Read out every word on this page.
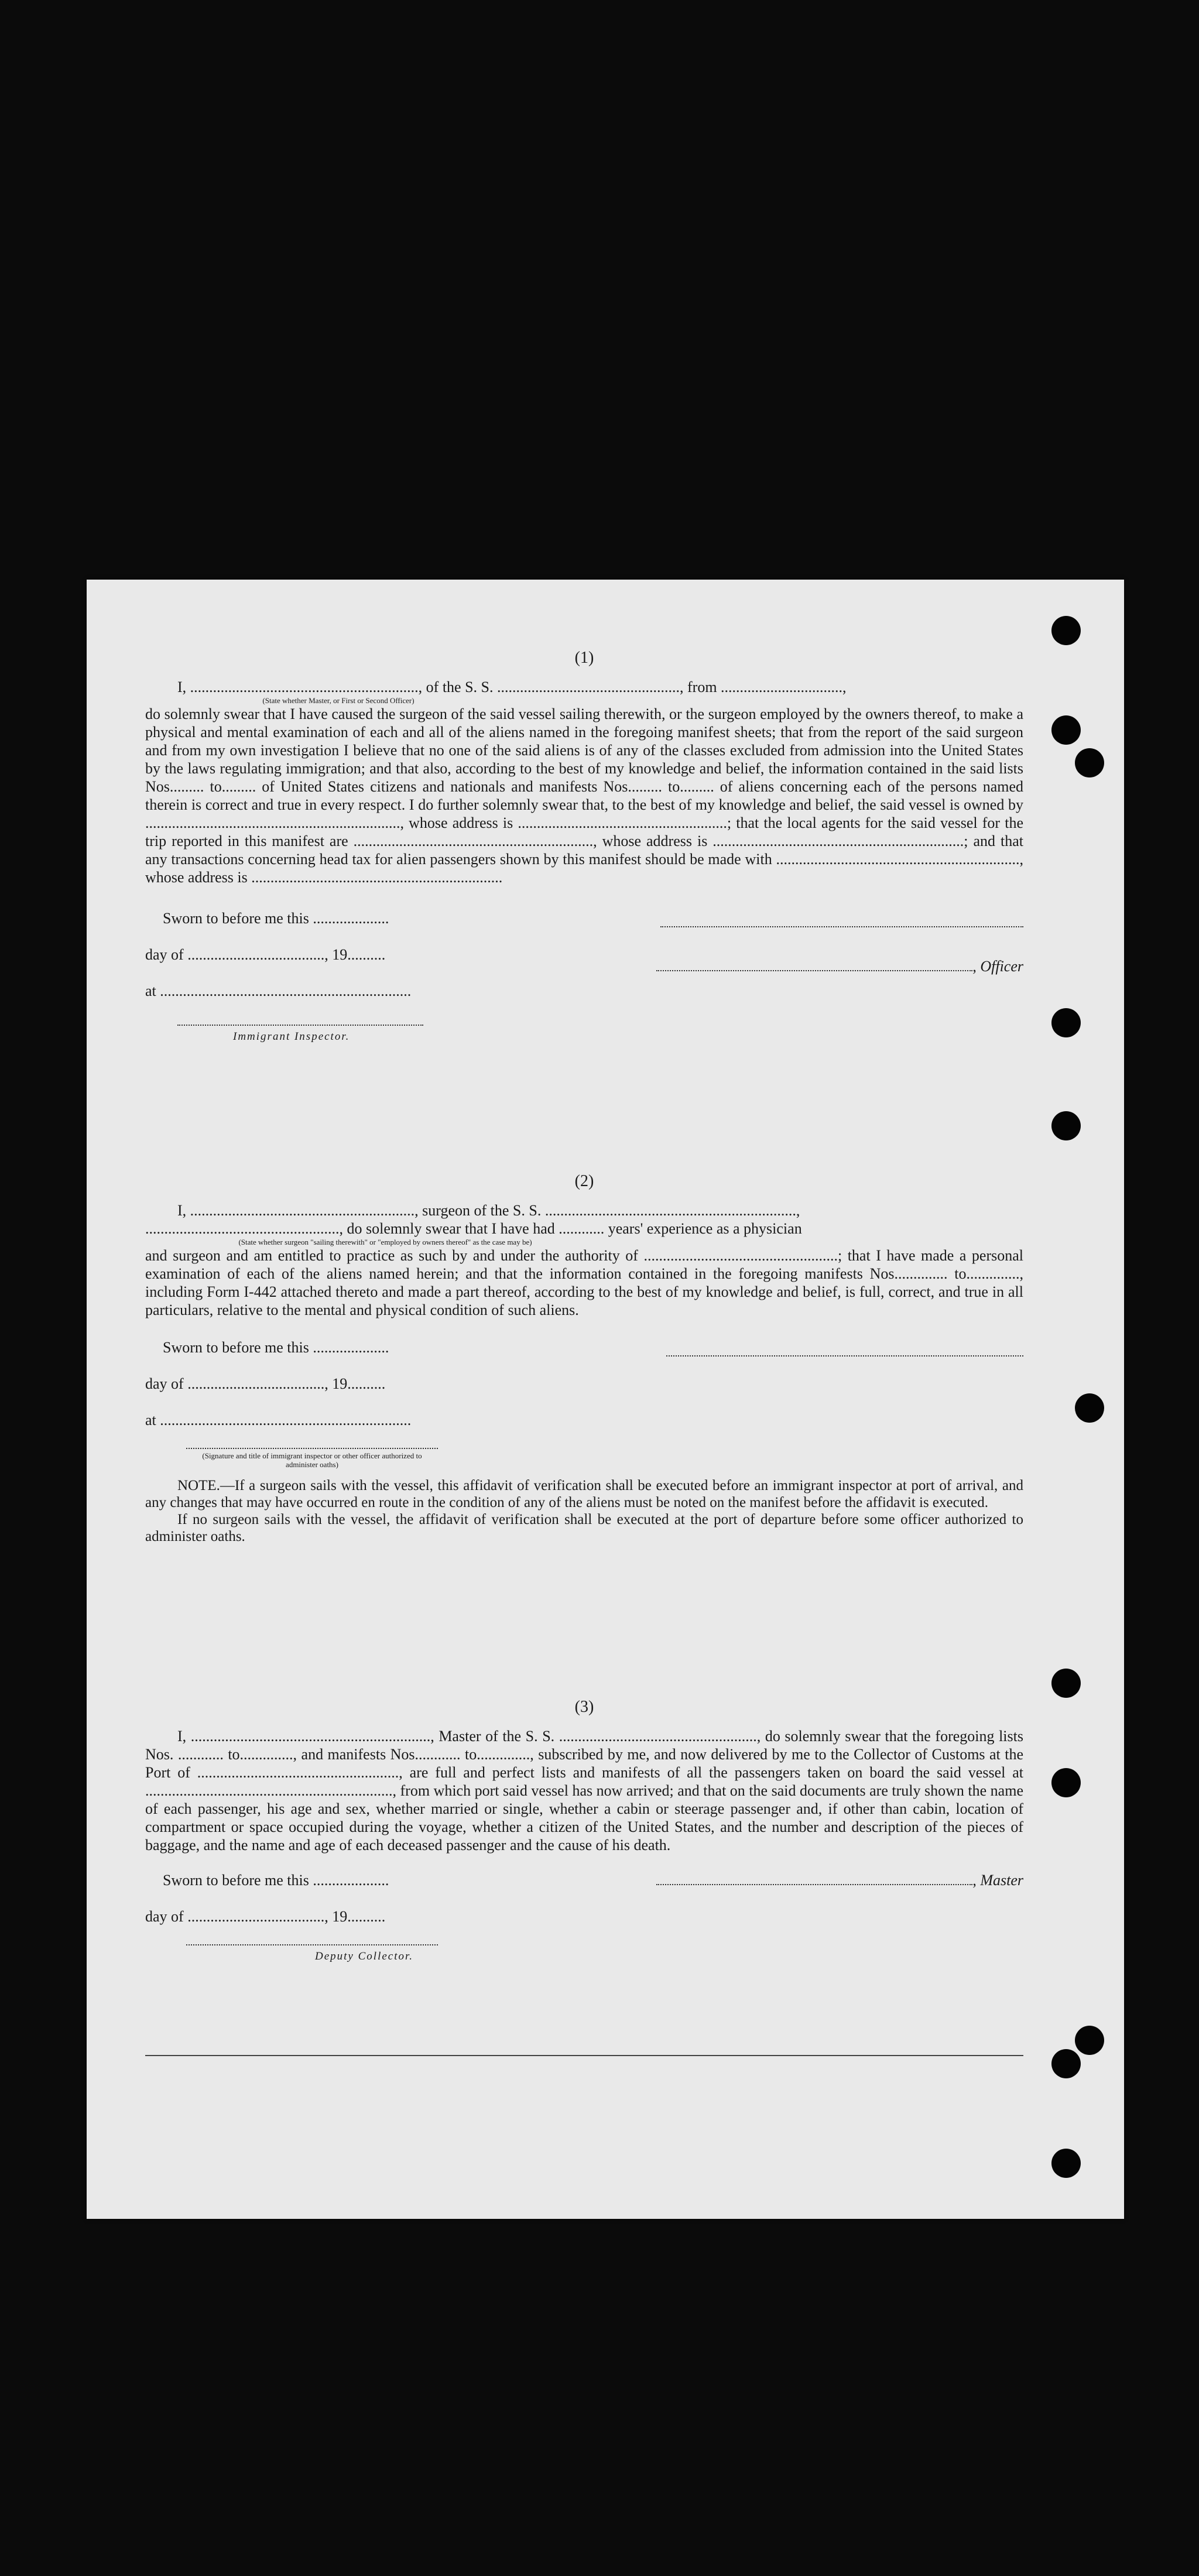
(1)
I, ............................................................, of the S. S. ................................................, from ................................,
(State whether Master, or First or Second Officer)
do solemnly swear that I have caused the surgeon of the said vessel sailing therewith, or the surgeon employed by the owners thereof, to make a physical and mental examination of each and all of the aliens named in the foregoing manifest sheets; that from the report of the said surgeon and from my own investigation I believe that no one of the said aliens is of any of the classes excluded from admission into the United States by the laws regulating immigration; and that also, according to the best of my knowledge and belief, the information contained in the said lists Nos......... to......... of United States citizens and nationals and manifests Nos......... to......... of aliens concerning each of the persons named therein is correct and true in every respect. I do further solemnly swear that, to the best of my knowledge and belief, the said vessel is owned by ..................................................................., whose address is .......................................................; that the local agents for the said vessel for the trip reported in this manifest are ..............................................................., whose address is ..................................................................; and that any transactions concerning head tax for alien passengers shown by this manifest should be made with ................................................................, whose address is ..................................................................
Sworn to before me this ....................
day of ...................................., 19..........
, Officer
at ..................................................................
Immigrant Inspector.
(2)
I, ..........................................................., surgeon of the S. S. ..................................................................,
..................................................., do solemnly swear that I have had ............ years' experience as a physician
(State whether surgeon "sailing therewith" or "employed by owners thereof" as the case may be)
and surgeon and am entitled to practice as such by and under the authority of ...................................................; that I have made a personal examination of each of the aliens named herein; and that the information contained in the foregoing manifests Nos.............. to.............., including Form I-442 attached thereto and made a part thereof, according to the best of my knowledge and belief, is full, correct, and true in all particulars, relative to the mental and physical condition of such aliens.
Sworn to before me this ....................
day of ...................................., 19..........
at ..................................................................
(Signature and title of immigrant inspector or other officer authorized to administer oaths)
NOTE.—If a surgeon sails with the vessel, this affidavit of verification shall be executed before an immigrant inspector at port of arrival, and any changes that may have occurred en route in the condition of any of the aliens must be noted on the manifest before the affidavit is executed.
If no surgeon sails with the vessel, the affidavit of verification shall be executed at the port of departure before some officer authorized to administer oaths.
(3)
I, ..............................................................., Master of the S. S. ...................................................., do solemnly swear that the foregoing lists Nos. ............ to.............., and manifests Nos............ to.............., subscribed by me, and now delivered by me to the Collector of Customs at the Port of ....................................................., are full and perfect lists and manifests of all the passengers taken on board the said vessel at ................................................................., from which port said vessel has now arrived; and that on the said documents are truly shown the name of each passenger, his age and sex, whether married or single, whether a cabin or steerage passenger and, if other than cabin, location of compartment or space occupied during the voyage, whether a citizen of the United States, and the number and description of the pieces of baggage, and the name and age of each deceased passenger and the cause of his death.
Sworn to before me this ....................	, Master
day of ...................................., 19..........
Deputy Collector.
